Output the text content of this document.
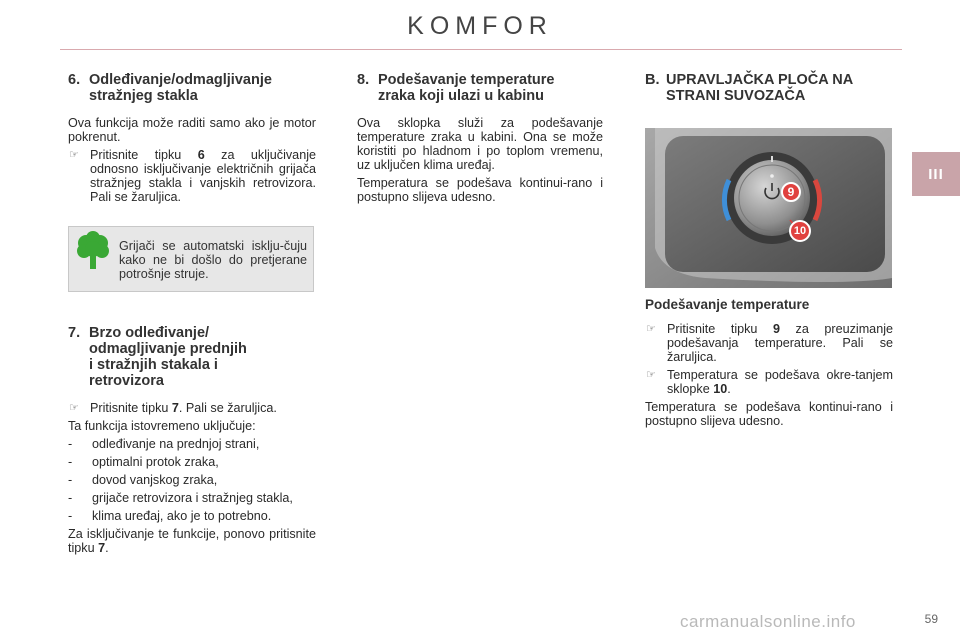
KOMFOR
III
6. Odleđivanje/odmagljivanje
stražnjeg stakla

Ova funkcija može raditi samo ako je motor pokrenut.

☞ Pritisnite tipku 6 za uključivanje odnosno isključivanje električnih grijača stražnjeg stakla i vanjskih retrovizora. Pali se žaruljica.

Grijači se automatski isklju-čuju kako ne bi došlo do pretjerane potrošnje struje.
7. Brzo odleđivanje/
odmagljivanje prednjih
i stražnjih stakala i
retrovizora

☞ Pritisnite tipku 7. Pali se žaruljica.

Ta funkcija istovremeno uključuje:

- odleđivanje na prednjoj strani,

- optimalni protok zraka,

- dovod vanjskog zraka,

- grijače retrovizora i stražnjeg stakla,

- klima uređaj, ako je to potrebno.

Za isključivanje te funkcije, ponovo pritisnite tipku 7.

8. Podešavanje temperature
zraka koji ulazi u kabinu

Ova sklopka služi za podešavanje temperature zraka u kabini. Ona se može koristiti po hladnom i po toplom vremenu, uz uključen klima uređaj.

Temperatura se podešava kontinui-rano i postupno slijeva udesno.

B. UPRAVLJAČKA PLOČA NA
STRANI SUVOZAČA
9
10
Podešavanje temperature

☞ Pritisnite tipku 9 za preuzimanje podešavanja temperature. Pali se žaruljica.

☞ Temperatura se podešava okre-tanjem sklopke 10.

Temperatura se podešava kontinui-rano i postupno slijeva udesno.

carmanualsonline.info	59
